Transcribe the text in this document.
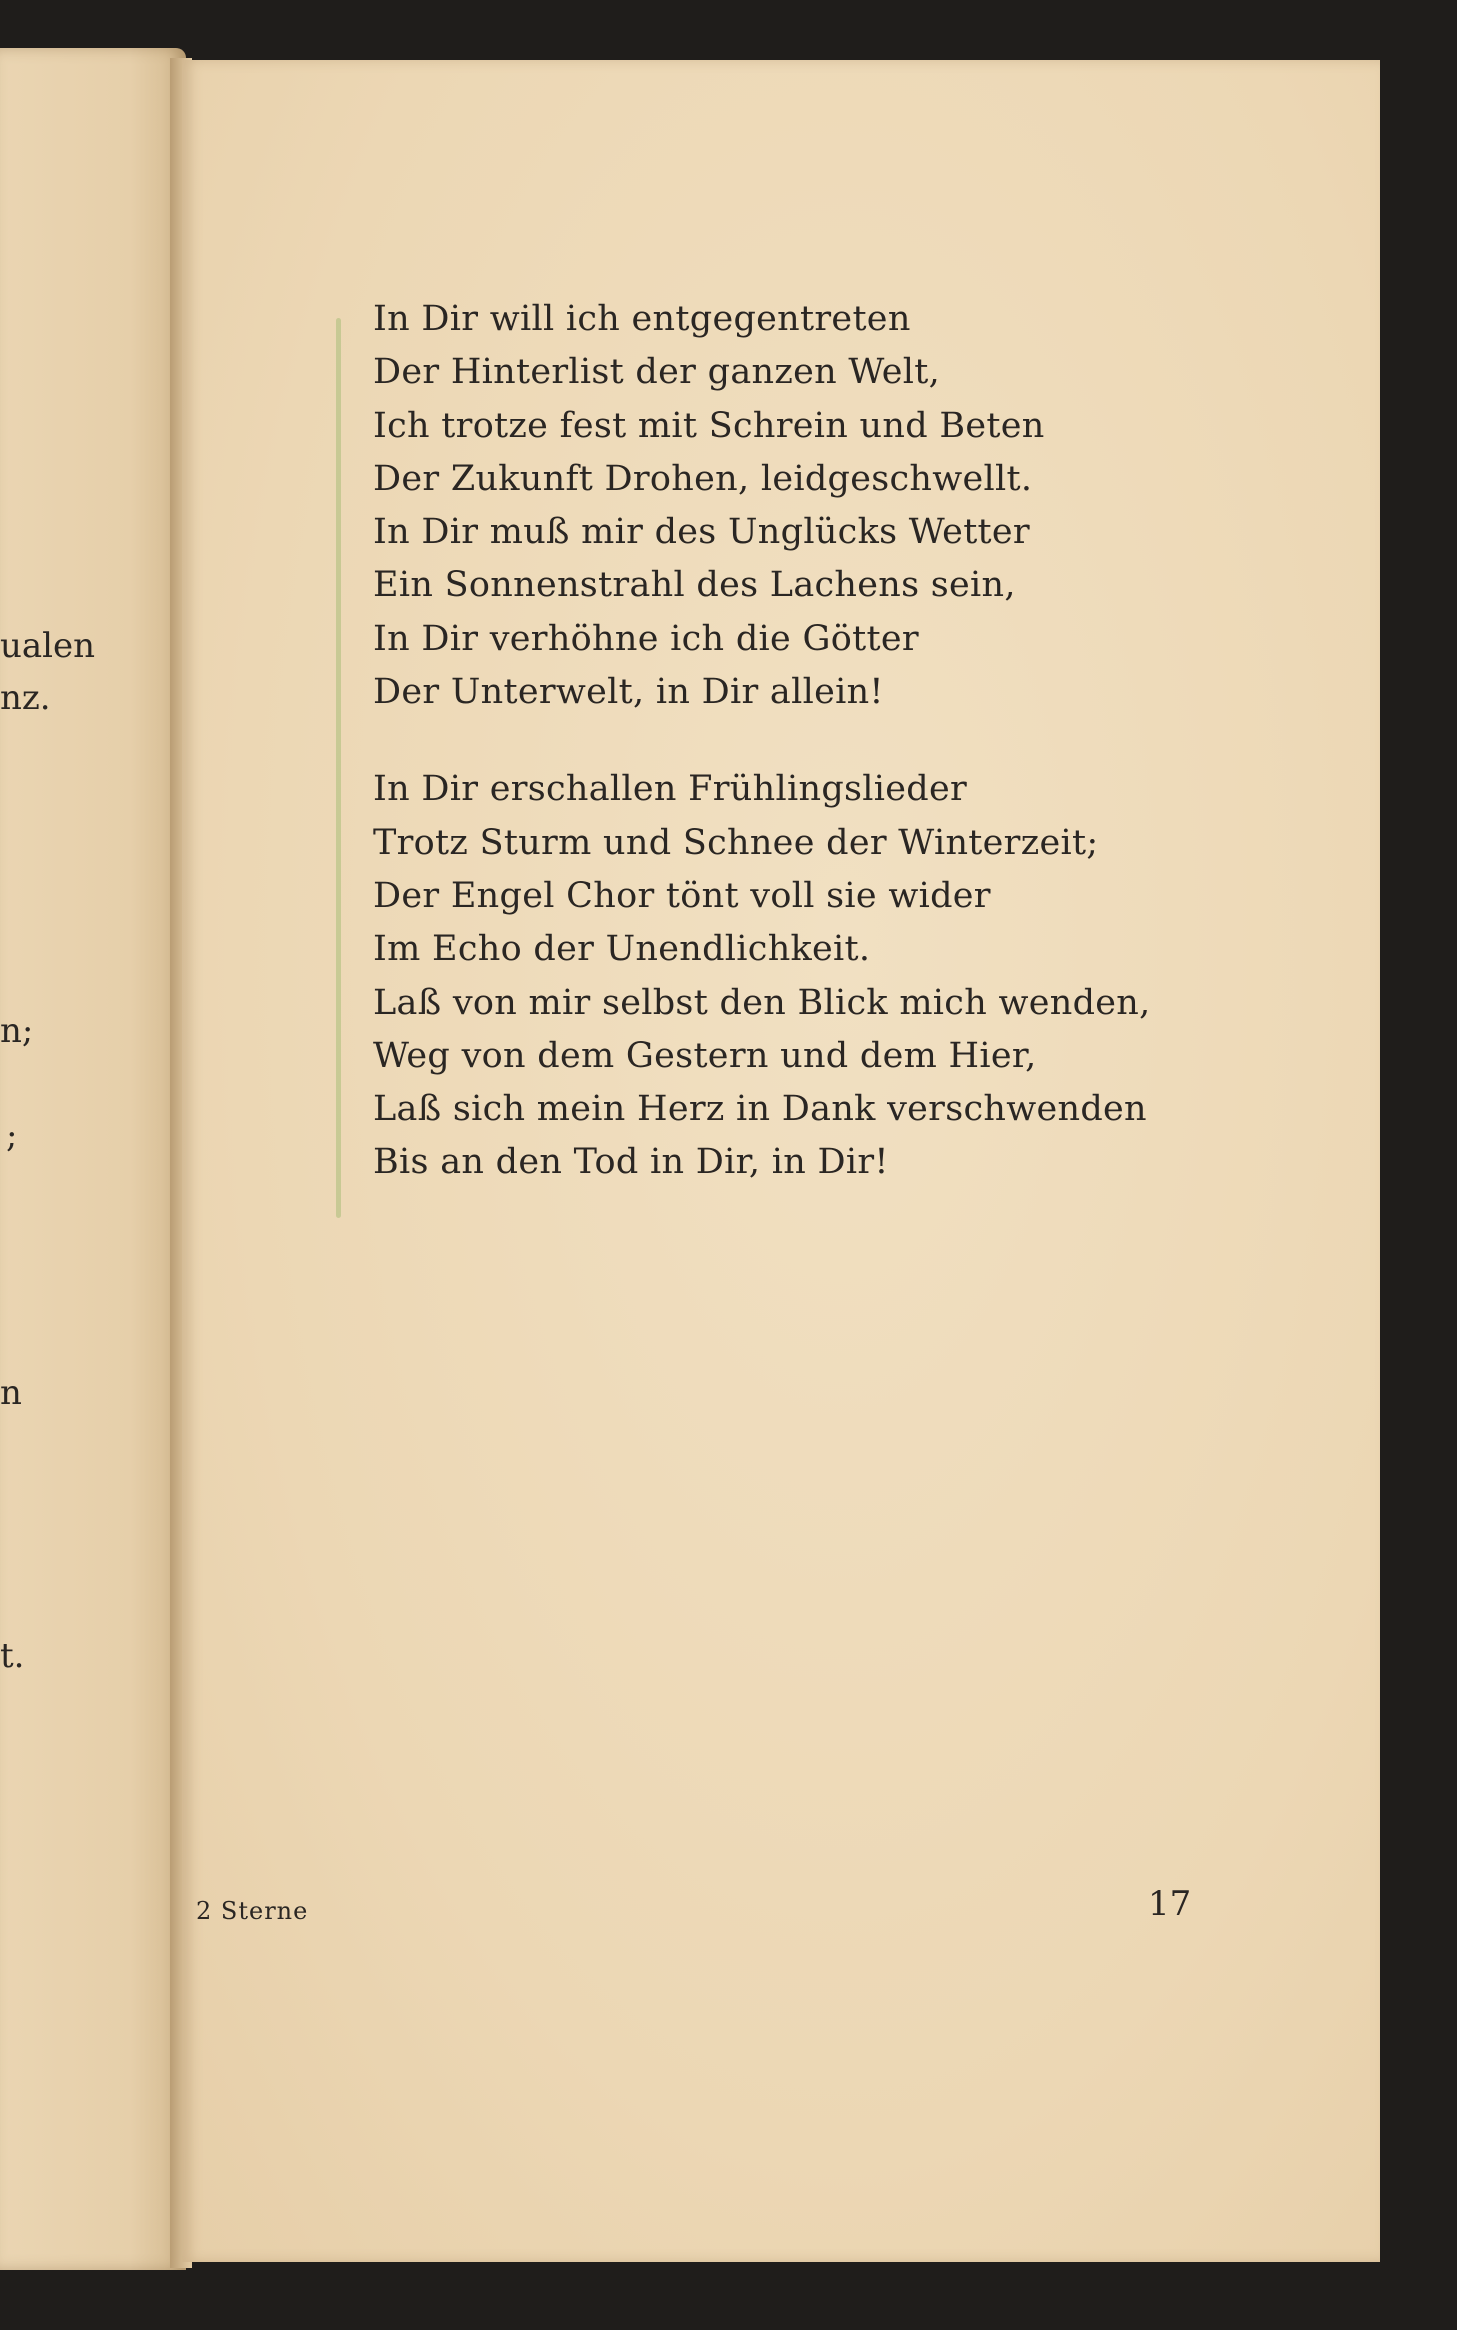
ualen
nz.
n;
;
n
t.
In Dir will ich entgegentreten
Der Hinterlist der ganzen Welt,
Ich trotze fest mit Schrein und Beten
Der Zukunft Drohen, leidgeschwellt.
In Dir muß mir des Unglücks Wetter
Ein Sonnenstrahl des Lachens sein,
In Dir verhöhne ich die Götter
Der Unterwelt, in Dir allein!
In Dir erschallen Frühlingslieder
Trotz Sturm und Schnee der Winterzeit;
Der Engel Chor tönt voll sie wider
Im Echo der Unendlichkeit.
Laß von mir selbst den Blick mich wenden,
Weg von dem Gestern und dem Hier,
Laß sich mein Herz in Dank verschwenden
Bis an den Tod in Dir, in Dir!
2 Sterne	17
